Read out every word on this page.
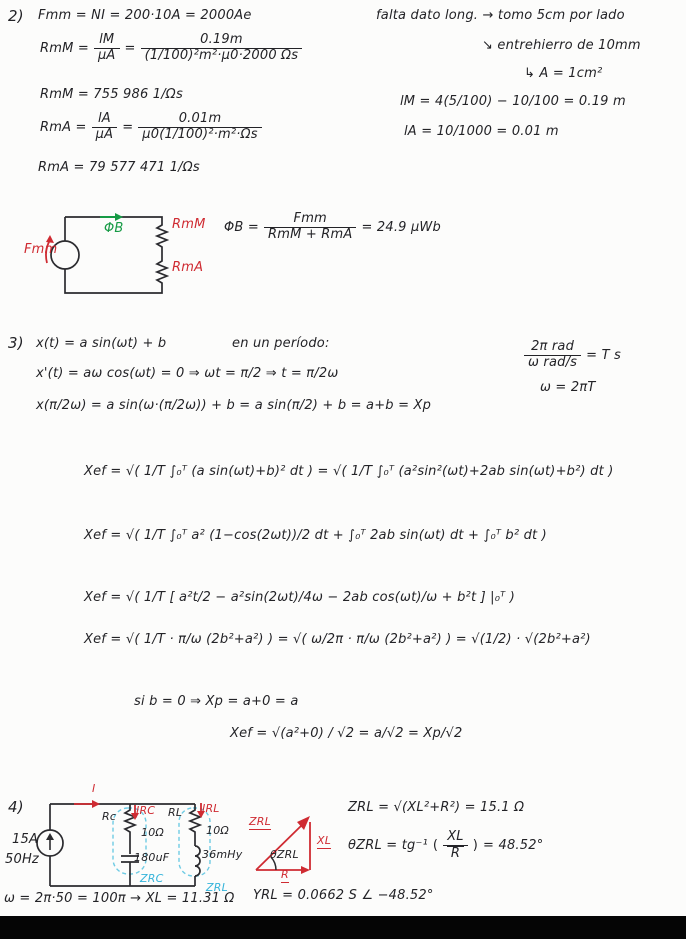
2) Fmm = NI = 200·10A = 2000Ae
RmM = $\frac{lM}{\mu A} = \frac{0.19m}{\text{(1/100)²m²·μ0·2000 Ωs}}$
RmM = 755 986 1/Ωs
RmA = $\frac{lA}{\mu A} = \frac{0.01m}{\text{μ0(1/100)²·m²·Ωs}}$
RmA = 79 577 471 1/Ωs
falta dato long. → tomo 5cm por lado
↘ entrehierro de 10mm
↳ A = 1cm²
lM = 4(5/100) − 10/100 = 0.19 m
lA = 10/1000 = 0.01 m
Fmm
ΦB	RmM
RmA
$\Phi B = \frac{\text{Fmm}}{\text{RmM + RmA}} = 24.9$ μWb
3) x(t) = a sin(ωt) + b	en un período:
x'(t) = aω cos(ωt) = 0 ⇒ ωt = π/2 ⇒ t = π/2ω
x(π/2ω) = a sin(ω·(π/2ω)) + b = a sin(π/2) + b = a+b = Xp
$\frac{\text{2π rad}}{\text{ω rad/s}} = T$ s
ω = 2πT
Xef = √( 1/T ∫₀ᵀ (a sin(ωt)+b)² dt ) = √( 1/T ∫₀ᵀ (a²sin²(ωt)+2ab sin(ωt)+b²) dt )
Xef = √( 1/T ∫₀ᵀ a² (1−cos(2ωt))/2 dt + ∫₀ᵀ 2ab sin(ωt) dt + ∫₀ᵀ b² dt )
Xef = √( 1/T [ a²t/2 − a²sin(2ωt)/4ω − 2ab cos(ωt)/ω + b²t ] |₀ᵀ )
Xef = √( 1/T · π/ω (2b²+a²) ) = √( ω/2π · π/ω (2b²+a²) ) = √(1/2) · √(2b²+a²)
si b = 0 ⇒ Xp = a+0 = a
Xef = √(a²+0) / √2 = a/√2 = Xp/√2
4)
15A
50Hz
I
Rc IRC
10Ω
180uF
ZRC
RL IRL
10Ω
36mHy
ZRL
ZRL
XL
R
θZRL
ZRL = √(XL²+R²) = 15.1 Ω
θZRL = tg⁻¹ ( $\frac{XL}{R}$ ) = 48.52°
YRL = 0.0662 S ∠ −48.52°
ω = 2π·50 = 100π → XL = 11.31 Ω
